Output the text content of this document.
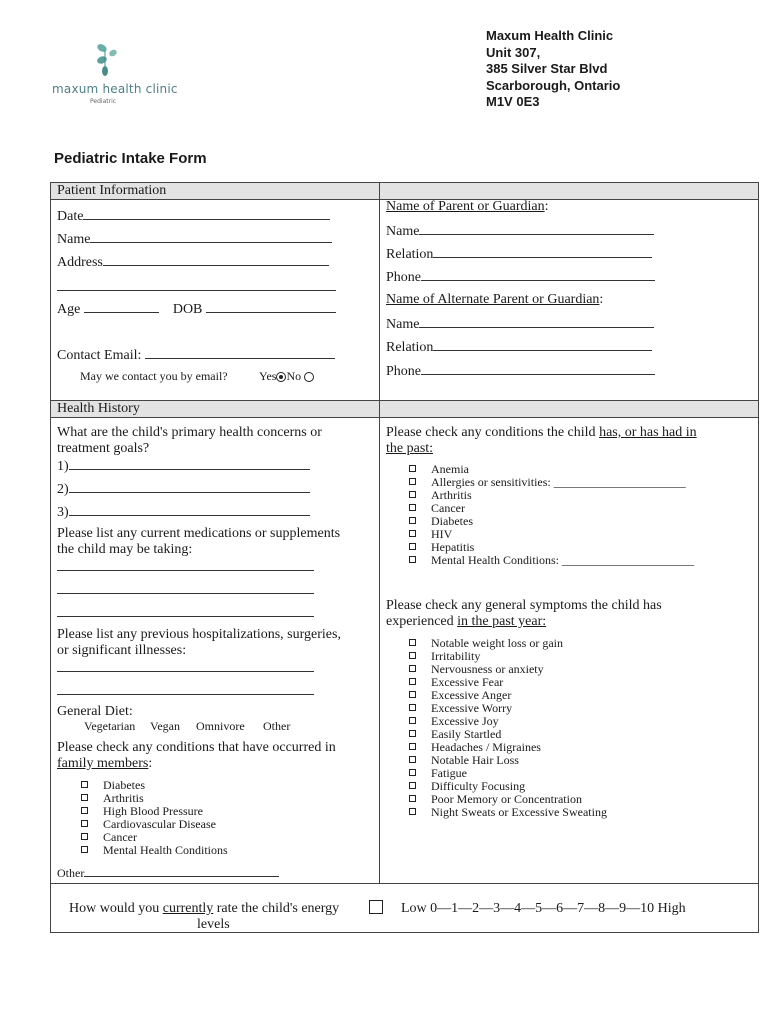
Maxum Health Clinic
Unit 307,
385 Silver Star Blvd
Scarborough, Ontario
M1V 0E3
maxum health clinic
Pediatric
Pediatric Intake Form
Patient Information
Health History
Date
Name
Address
Age	DOB
Contact Email:
May we contact you by email?	Yes No
Name of Parent or Guardian:
Name
Relation
Phone
Name of Alternate Parent or Guardian:
Name
Relation
Phone
What are the child's primary health concerns or
treatment goals?
1)
2)
3)
Please list any current medications or supplements
the child may be taking:
Please list any previous hospitalizations, surgeries,
or significant illnesses:
General Diet:
Vegetarian Vegan Omnivore Other
Please check any conditions that have occurred in
family members:
Diabetes
Arthritis
High Blood Pressure
Cardiovascular Disease
Cancer
Mental Health Conditions
Other
Please check any conditions the child has, or has had in
the past:
Anemia
Allergies or sensitivities: ______________________
Arthritis
Cancer
Diabetes
HIV
Hepatitis
Mental Health Conditions: ______________________
Please check any general symptoms the child has
experienced in the past year:
Notable weight loss or gain
Irritability
Nervousness or anxiety
Excessive Fear
Excessive Anger
Excessive Worry
Excessive Joy
Easily Startled
Headaches / Migraines
Notable Hair Loss
Fatigue
Difficulty Focusing
Poor Memory or Concentration
Night Sweats or Excessive Sweating
How would you currently rate the child's energy
levels
Low 0—1—2—3—4—5—6—7—8—9—10 High
